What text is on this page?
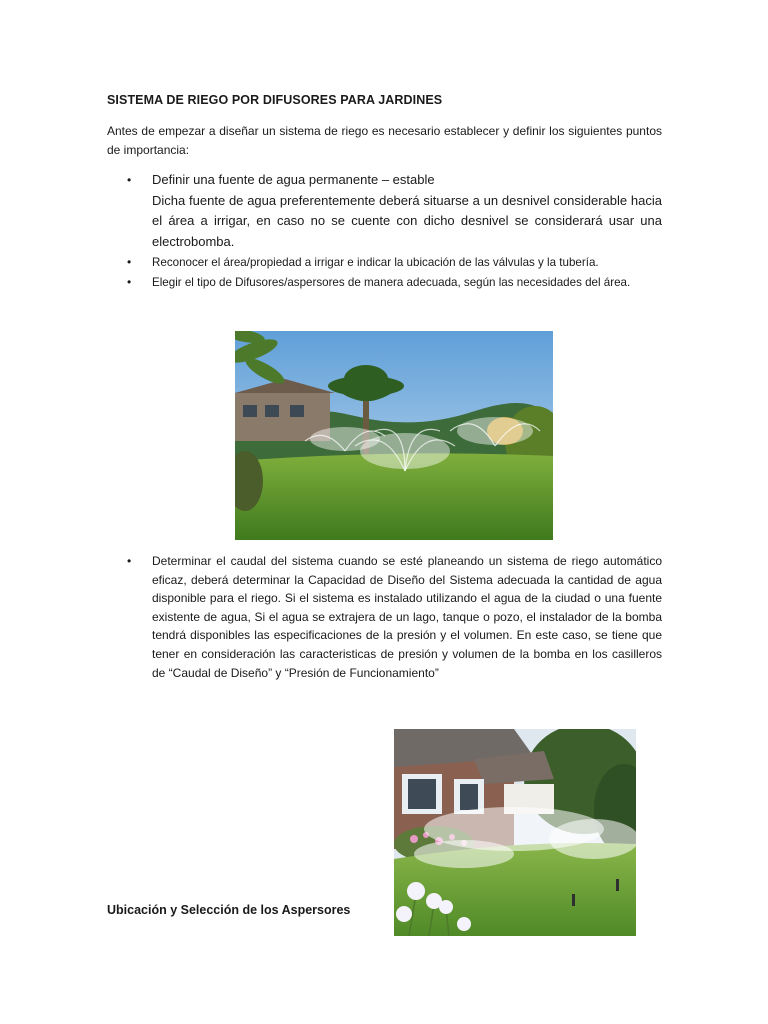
SISTEMA DE RIEGO POR DIFUSORES PARA JARDINES
Antes de empezar a diseñar un sistema de riego es necesario establecer y definir los siguientes puntos de importancia:
• Definir una fuente de agua permanente – estable
Dicha fuente de agua preferentemente deberá situarse a un desnivel considerable hacia el área a irrigar, en caso no se cuente con dicho desnivel se considerará usar una electrobomba.
• Reconocer el área/propiedad a irrigar e indicar la ubicación de las válvulas y la tubería.
• Elegir el tipo de Difusores/aspersores de manera adecuada, según las necesidades del área.
• Determinar el caudal del sistema cuando se esté planeando un sistema de riego automático eficaz, deberá determinar la Capacidad de Diseño del Sistema adecuada la cantidad de agua disponible para el riego. Si el sistema es instalado utilizando el agua de la ciudad o una fuente existente de agua, Si el agua se extrajera de un lago, tanque o pozo, el instalador de la bomba tendrá disponibles las especificaciones de la presión y el volumen. En este caso, se tiene que tener en consideración las caracteristicas de presión y volumen de la bomba en los casilleros de “Caudal de Diseño” y “Presión de Funcionamiento”
Ubicación y Selección de los Aspersores
